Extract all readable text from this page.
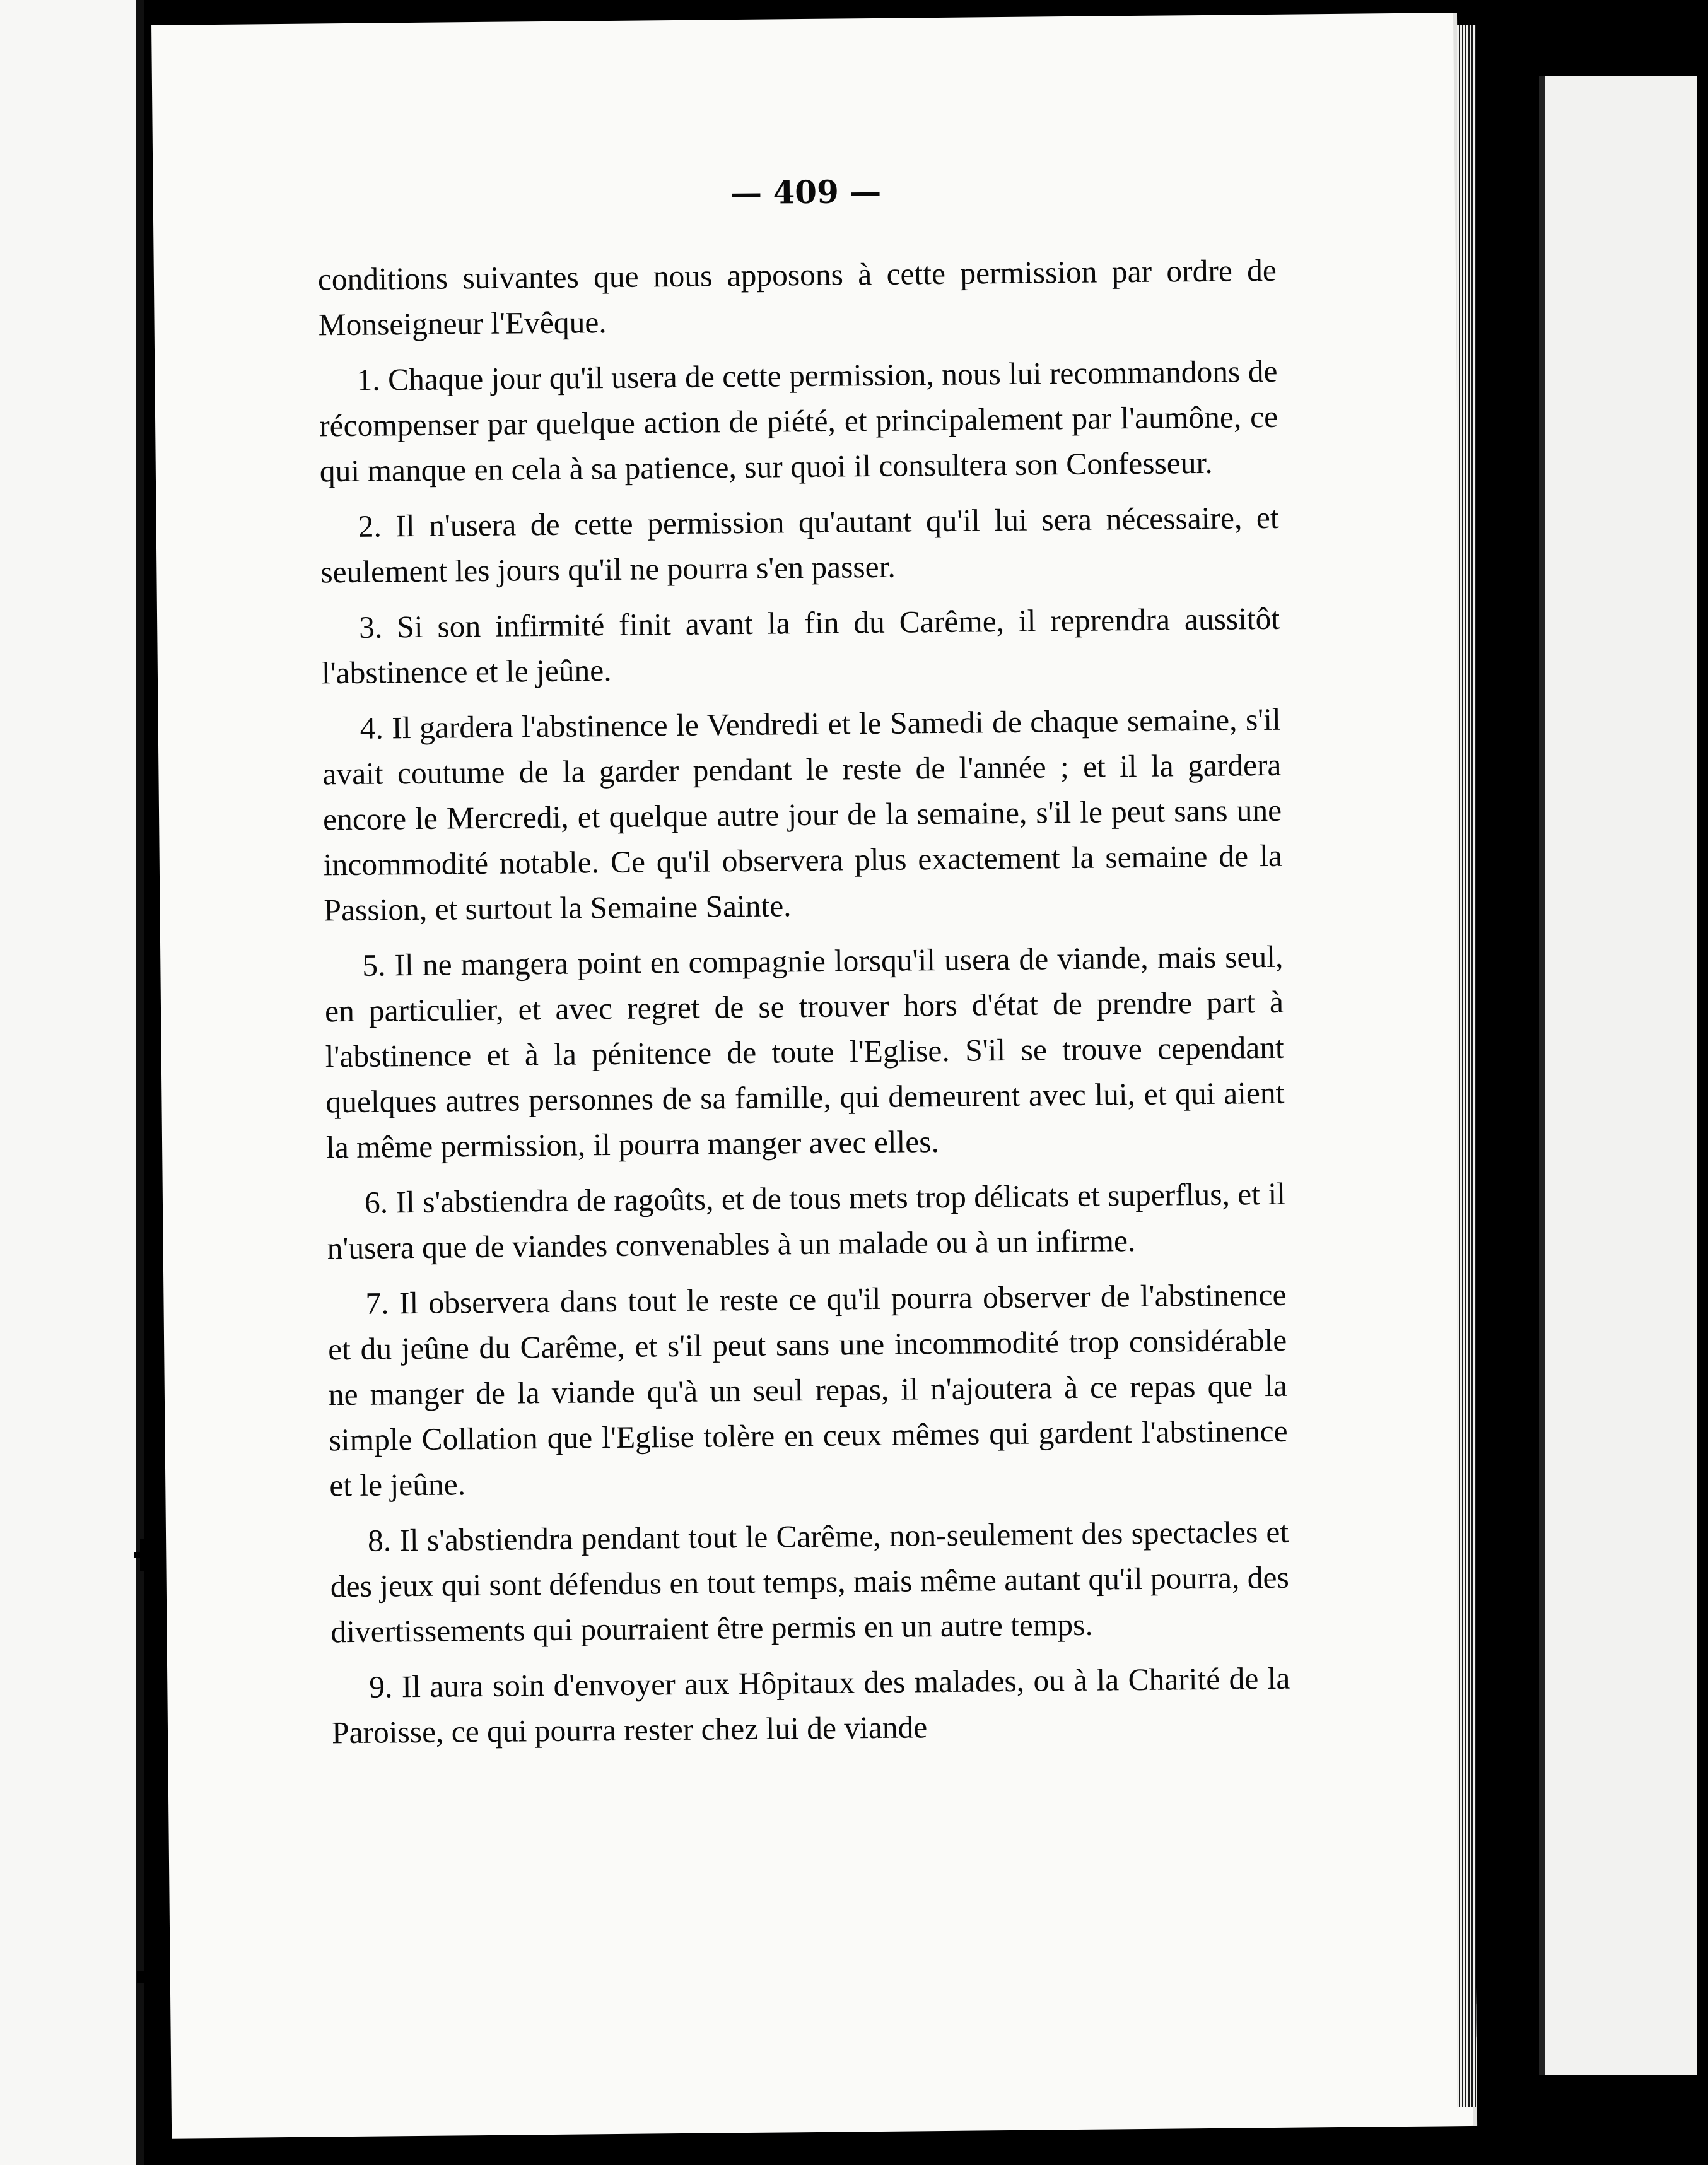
— 409 —

conditions suivantes que nous apposons à cette permission par ordre de Monseigneur l'Evêque.

1. Chaque jour qu'il usera de cette permission, nous lui recommandons de récompenser par quelque action de piété, et principalement par l'aumône, ce qui manque en cela à sa patience, sur quoi il consultera son Confesseur.

2. Il n'usera de cette permission qu'autant qu'il lui sera nécessaire, et seulement les jours qu'il ne pourra s'en passer.

3. Si son infirmité finit avant la fin du Carême, il reprendra aussitôt l'abstinence et le jeûne.

4. Il gardera l'abstinence le Vendredi et le Samedi de chaque semaine, s'il avait coutume de la garder pendant le reste de l'année ; et il la gardera encore le Mercredi, et quelque autre jour de la semaine, s'il le peut sans une incommodité notable. Ce qu'il observera plus exactement la semaine de la Passion, et surtout la Semaine Sainte.

5. Il ne mangera point en compagnie lorsqu'il usera de viande, mais seul, en particulier, et avec regret de se trouver hors d'état de prendre part à l'abstinence et à la pénitence de toute l'Eglise. S'il se trouve cependant quelques autres personnes de sa famille, qui demeurent avec lui, et qui aient la même permission, il pourra manger avec elles.

6. Il s'abstiendra de ragoûts, et de tous mets trop délicats et superflus, et il n'usera que de viandes convenables à un malade ou à un infirme.

7. Il observera dans tout le reste ce qu'il pourra observer de l'abstinence et du jeûne du Carême, et s'il peut sans une incommodité trop considérable ne manger de la viande qu'à un seul repas, il n'ajoutera à ce repas que la simple Collation que l'Eglise tolère en ceux mêmes qui gardent l'abstinence et le jeûne.

8. Il s'abstiendra pendant tout le Carême, non-seulement des spectacles et des jeux qui sont défendus en tout temps, mais même autant qu'il pourra, des divertissements qui pourraient être permis en un autre temps.

9. Il aura soin d'envoyer aux Hôpitaux des malades, ou à la Charité de la Paroisse, ce qui pourra rester chez lui de viande
